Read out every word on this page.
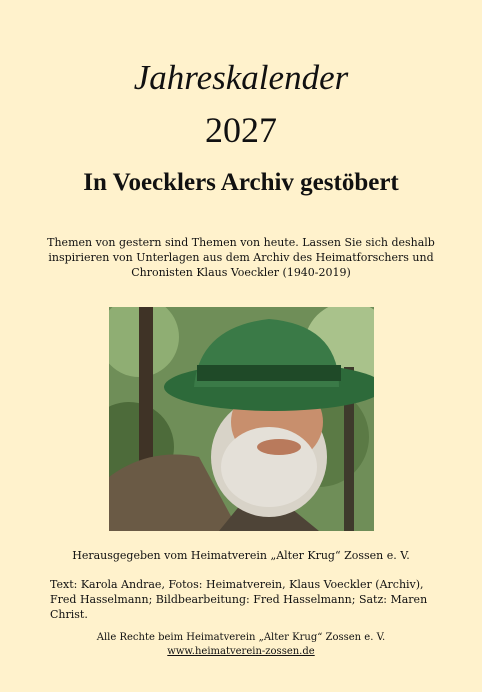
Jahreskalender
2027
In Voecklers Archiv gestöbert
Themen von gestern sind Themen von heute. Lassen Sie sich deshalb inspirieren von Unterlagen aus dem Archiv des Heimatforschers und Chronisten Klaus Voeckler (1940-2019)
Herausgegeben vom Heimatverein „Alter Krug“ Zossen e. V.
Text: Karola Andrae, Fotos: Heimatverein, Klaus Voeckler (Archiv), Fred Hasselmann; Bildbearbeitung: Fred Hasselmann; Satz: Maren Christ.
Alle Rechte beim Heimatverein „Alter Krug“ Zossen e. V.
www.heimatverein-zossen.de
